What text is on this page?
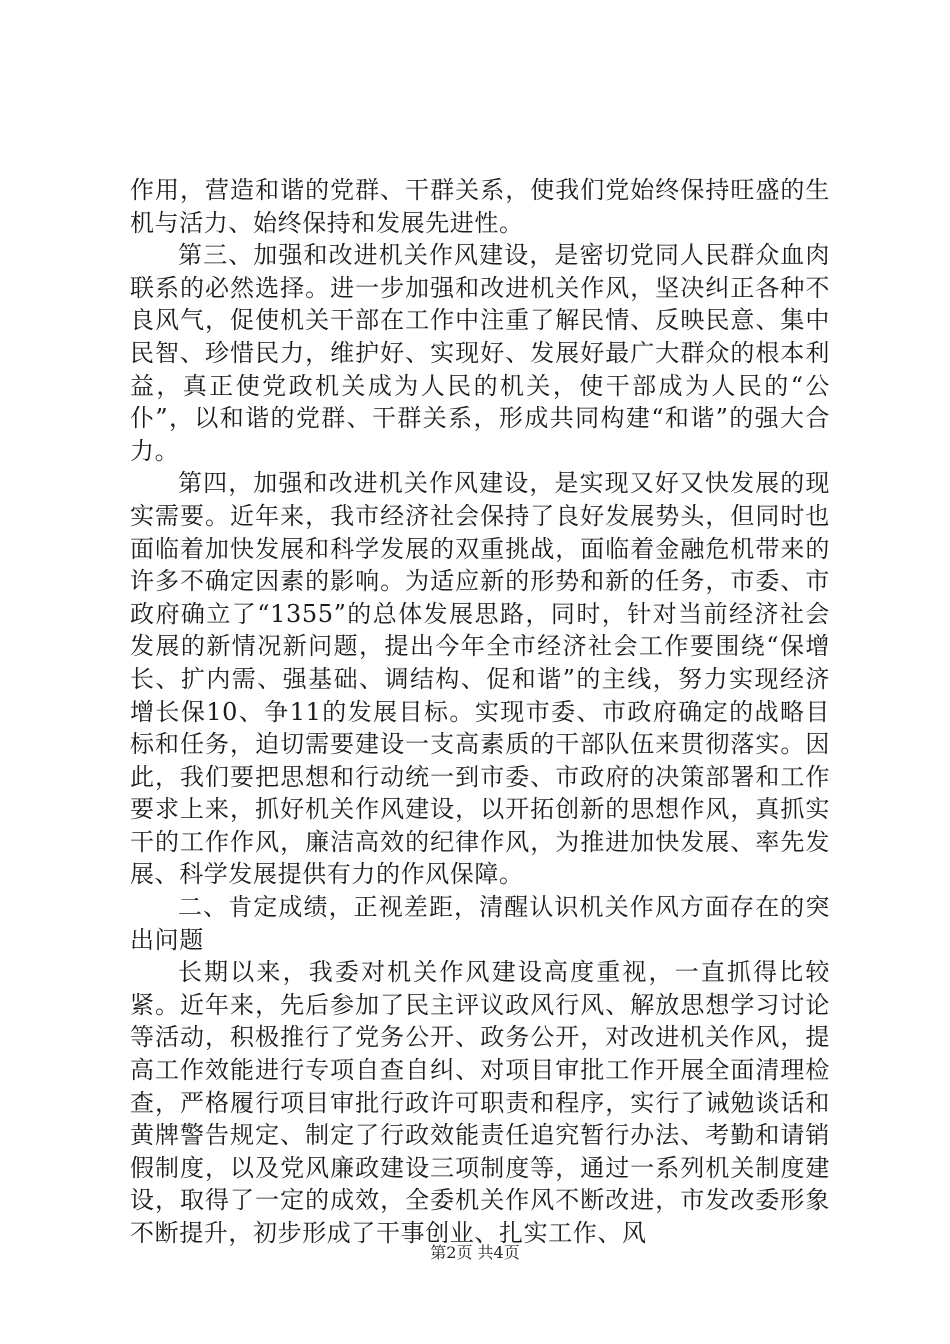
作用，营造和谐的党群、干群关系，使我们党始终保持旺盛的生机与活力、始终保持和发展先进性。

第三、加强和改进机关作风建设，是密切党同人民群众血肉联系的必然选择。进一步加强和改进机关作风，坚决纠正各种不良风气，促使机关干部在工作中注重了解民情、反映民意、集中民智、珍惜民力，维护好、实现好、发展好最广大群众的根本利益，真正使党政机关成为人民的机关，使干部成为人民的“公仆”，以和谐的党群、干群关系，形成共同构建“和谐”的强大合力。

第四，加强和改进机关作风建设，是实现又好又快发展的现实需要。近年来，我市经济社会保持了良好发展势头，但同时也面临着加快发展和科学发展的双重挑战，面临着金融危机带来的许多不确定因素的影响。为适应新的形势和新的任务，市委、市政府确立了“1355”的总体发展思路，同时，针对当前经济社会发展的新情况新问题，提出今年全市经济社会工作要围绕“保增长、扩内需、强基础、调结构、促和谐”的主线，努力实现经济增长保10、争11的发展目标。实现市委、市政府确定的战略目标和任务，迫切需要建设一支高素质的干部队伍来贯彻落实。因此，我们要把思想和行动统一到市委、市政府的决策部署和工作要求上来，抓好机关作风建设，以开拓创新的思想作风，真抓实干的工作作风，廉洁高效的纪律作风，为推进加快发展、率先发展、科学发展提供有力的作风保障。

二、肯定成绩，正视差距，清醒认识机关作风方面存在的突出问题

长期以来，我委对机关作风建设高度重视，一直抓得比较紧。近年来，先后参加了民主评议政风行风、解放思想学习讨论等活动，积极推行了党务公开、政务公开，对改进机关作风，提高工作效能进行专项自查自纠、对项目审批工作开展全面清理检查，严格履行项目审批行政许可职责和程序，实行了诫勉谈话和黄牌警告规定、制定了行政效能责任追究暂行办法、考勤和请销假制度，以及党风廉政建设三项制度等，通过一系列机关制度建设，取得了一定的成效，全委机关作风不断改进，市发改委形象不断提升，初步形成了干事创业、扎实工作、风

第2页 共4页
